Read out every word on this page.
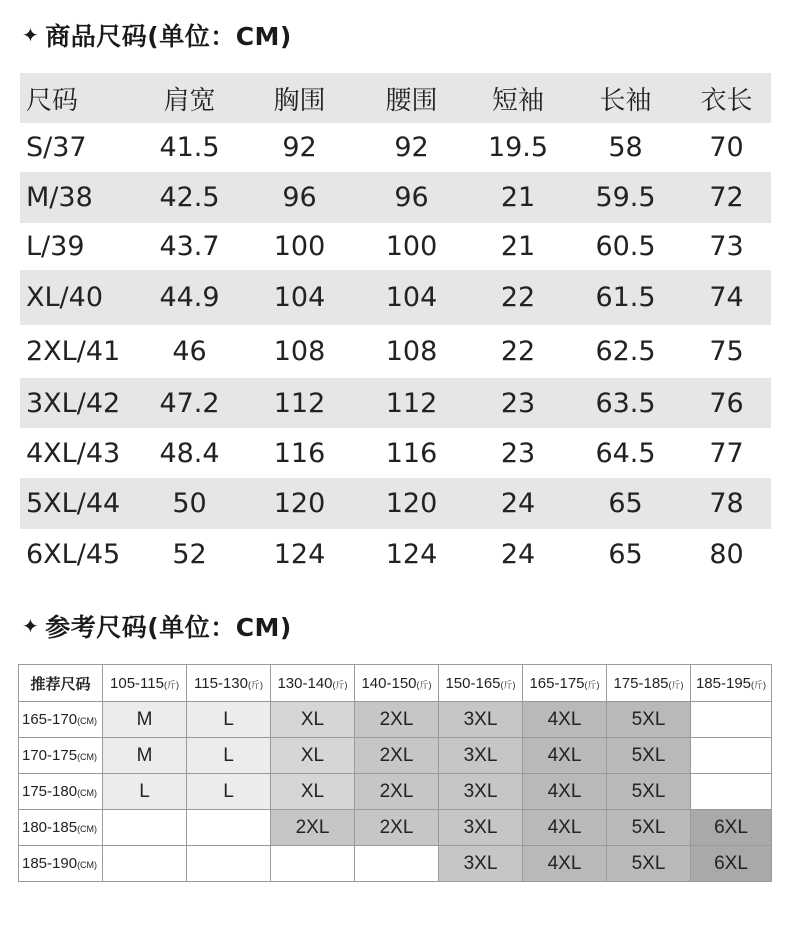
✦ 商品尺码(单位：CM)
尺码	肩宽	胸围	腰围	短袖	长袖	衣长
S/37	41.5	92	92	19.5	58	70
M/38	42.5	96	96	21	59.5	72
L/39	43.7	100	100	21	60.5	73
XL/40	44.9	104	104	22	61.5	74
2XL/41	46	108	108	22	62.5	75
3XL/42	47.2	112	112	23	63.5	76
4XL/43	48.4	116	116	23	64.5	77
5XL/44	50	120	120	24	65	78
6XL/45	52	124	124	24	65	80
✦ 参考尺码(单位：CM)
推荐尺码	105-115(斤)	115-130(斤)	130-140(斤)	140-150(斤)	150-165(斤)	165-175(斤)	175-185(斤)	185-195(斤)
165-170(CM)	M	L	XL	2XL	3XL	4XL	5XL	
170-175(CM)	M	L	XL	2XL	3XL	4XL	5XL	
175-180(CM)	L	L	XL	2XL	3XL	4XL	5XL	
180-185(CM)			2XL	2XL	3XL	4XL	5XL	6XL
185-190(CM)					3XL	4XL	5XL	6XL
